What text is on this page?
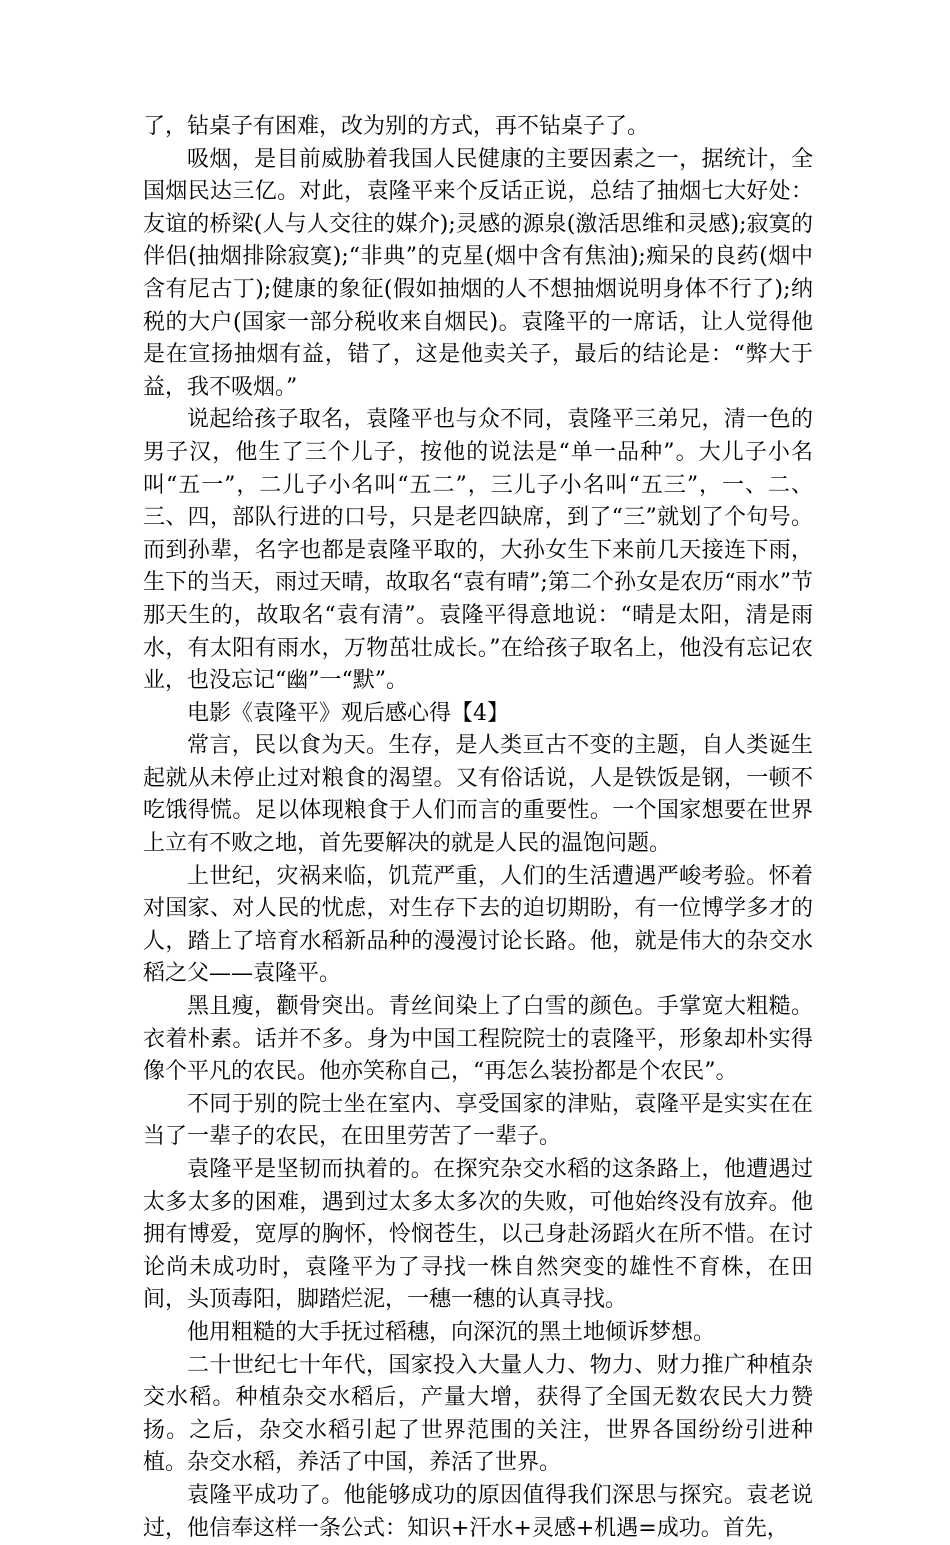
了，钻桌子有困难，改为别的方式，再不钻桌子了。

吸烟，是目前威胁着我国人民健康的主要因素之一，据统计，全国烟民达三亿。对此，袁隆平来个反话正说，总结了抽烟七大好处：友谊的桥梁(人与人交往的媒介);灵感的源泉(激活思维和灵感);寂寞的伴侣(抽烟排除寂寞);“非典”的克星(烟中含有焦油);痴呆的良药(烟中含有尼古丁);健康的象征(假如抽烟的人不想抽烟说明身体不行了);纳税的大户(国家一部分税收来自烟民)。袁隆平的一席话，让人觉得他是在宣扬抽烟有益，错了，这是他卖关子，最后的结论是：“弊大于益，我不吸烟。”

说起给孩子取名，袁隆平也与众不同，袁隆平三弟兄，清一色的男子汉，他生了三个儿子，按他的说法是“单一品种”。大儿子小名叫“五一”，二儿子小名叫“五二”，三儿子小名叫“五三”，一、二、三、四，部队行进的口号，只是老四缺席，到了“三”就划了个句号。而到孙辈，名字也都是袁隆平取的，大孙女生下来前几天接连下雨，生下的当天，雨过天晴，故取名“袁有晴”;第二个孙女是农历“雨水”节那天生的，故取名“袁有清”。袁隆平得意地说：“晴是太阳，清是雨水，有太阳有雨水，万物茁壮成长。”在给孩子取名上，他没有忘记农业，也没忘记“幽”一“默”。

电影《袁隆平》观后感心得【4】

常言，民以食为天。生存，是人类亘古不变的主题，自人类诞生起就从未停止过对粮食的渴望。又有俗话说，人是铁饭是钢，一顿不吃饿得慌。足以体现粮食于人们而言的重要性。一个国家想要在世界上立有不败之地，首先要解决的就是人民的温饱问题。

上世纪，灾祸来临，饥荒严重，人们的生活遭遇严峻考验。怀着对国家、对人民的忧虑，对生存下去的迫切期盼，有一位博学多才的人，踏上了培育水稻新品种的漫漫讨论长路。他，就是伟大的杂交水稻之父——袁隆平。

黑且瘦，颧骨突出。青丝间染上了白雪的颜色。手掌宽大粗糙。衣着朴素。话并不多。身为中国工程院院士的袁隆平，形象却朴实得像个平凡的农民。他亦笑称自己，“再怎么装扮都是个农民”。

不同于别的院士坐在室内、享受国家的津贴，袁隆平是实实在在当了一辈子的农民，在田里劳苦了一辈子。

袁隆平是坚韧而执着的。在探究杂交水稻的这条路上，他遭遇过太多太多的困难，遇到过太多太多次的失败，可他始终没有放弃。他拥有博爱，宽厚的胸怀，怜悯苍生，以己身赴汤蹈火在所不惜。在讨论尚未成功时，袁隆平为了寻找一株自然突变的雄性不育株，在田间，头顶毒阳，脚踏烂泥，一穗一穗的认真寻找。

他用粗糙的大手抚过稻穗，向深沉的黑土地倾诉梦想。

二十世纪七十年代，国家投入大量人力、物力、财力推广种植杂交水稻。种植杂交水稻后，产量大增，获得了全国无数农民大力赞扬。之后，杂交水稻引起了世界范围的关注，世界各国纷纷引进种植。杂交水稻，养活了中国，养活了世界。

袁隆平成功了。他能够成功的原因值得我们深思与探究。袁老说过，他信奉这样一条公式：知识+汗水+灵感+机遇=成功。首先，
